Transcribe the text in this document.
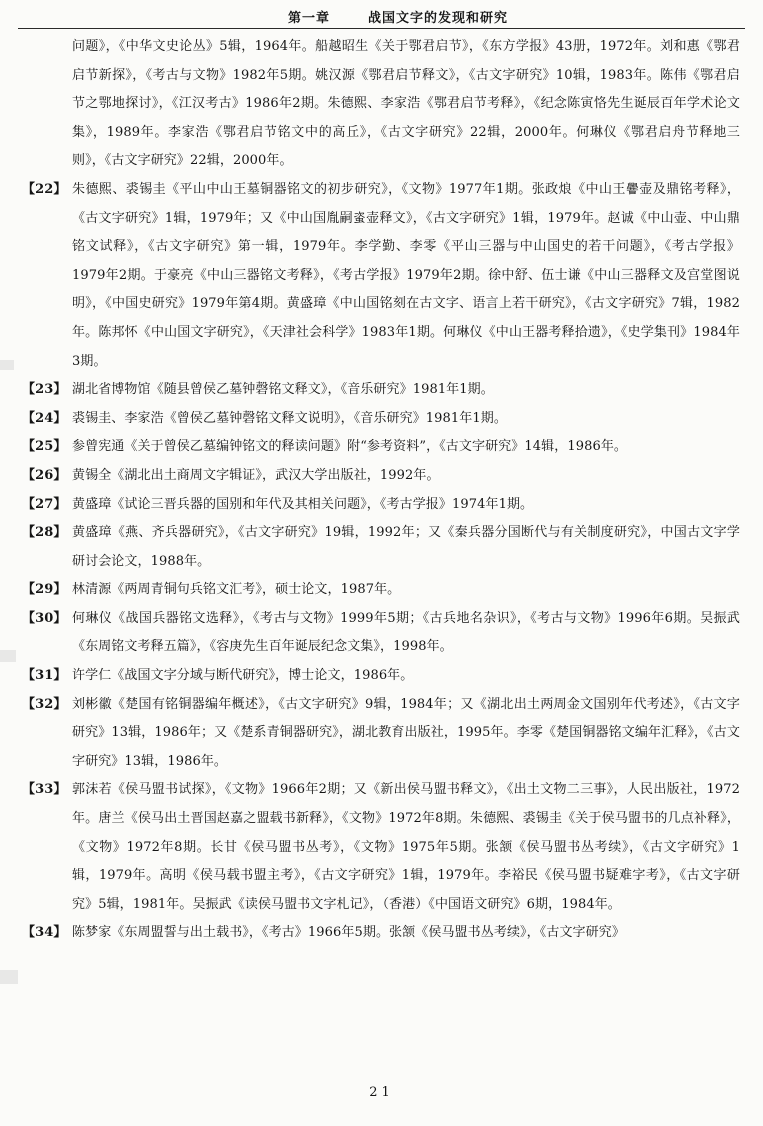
第一章	战国文字的发现和研究
问题》，《中华文史论丛》5辑，1964年。船越昭生《关于鄂君启节》，《东方学报》43册，1972年。刘和惠《鄂君启节新探》，《考古与文物》1982年5期。姚汉源《鄂君启节释文》，《古文字研究》10辑，1983年。陈伟《鄂君启节之鄂地探讨》，《江汉考古》1986年2期。朱德熙、李家浩《鄂君启节考释》，《纪念陈寅恪先生诞辰百年学术论文集》，1989年。李家浩《鄂君启节铭文中的高丘》，《古文字研究》22辑，2000年。何琳仪《鄂君启舟节释地三则》，《古文字研究》22辑，2000年。
【22】 朱德熙、裘锡圭《平山中山王墓铜器铭文的初步研究》，《文物》1977年1期。张政烺《中山王𰯼壶及鼎铭考释》，《古文字研究》1辑，1979年；又《中山国胤嗣𧊒壶释文》，《古文字研究》1辑，1979年。赵诚《中山壶、中山鼎铭文试释》，《古文字研究》第一辑，1979年。李学勤、李零《平山三器与中山国史的若干问题》，《考古学报》1979年2期。于豪亮《中山三器铭文考释》，《考古学报》1979年2期。徐中舒、伍士谦《中山三器释文及宫堂图说明》，《中国史研究》1979年第4期。黄盛璋《中山国铭刻在古文字、语言上若干研究》，《古文字研究》7辑，1982年。陈邦怀《中山国文字研究》，《天津社会科学》1983年1期。何琳仪《中山王器考释拾遗》，《史学集刊》1984年3期。
【23】 湖北省博物馆《随县曾侯乙墓钟磬铭文释文》，《音乐研究》1981年1期。
【24】 裘锡圭、李家浩《曾侯乙墓钟磬铭文释文说明》，《音乐研究》1981年1期。
【25】 参曾宪通《关于曾侯乙墓编钟铭文的释读问题》附“参考资料”，《古文字研究》14辑，1986年。
【26】 黄锡全《湖北出土商周文字辑证》，武汉大学出版社，1992年。
【27】 黄盛璋《试论三晋兵器的国别和年代及其相关问题》，《考古学报》1974年1期。
【28】 黄盛璋《燕、齐兵器研究》，《古文字研究》19辑，1992年；又《秦兵器分国断代与有关制度研究》，中国古文字学研讨会论文，1988年。
【29】 林清源《两周青铜句兵铭文汇考》，硕士论文，1987年。
【30】 何琳仪《战国兵器铭文选释》，《考古与文物》1999年5期；《古兵地名杂识》，《考古与文物》1996年6期。吴振武《东周铭文考释五篇》，《容庚先生百年诞辰纪念文集》，1998年。
【31】 许学仁《战国文字分域与断代研究》，博士论文，1986年。
【32】 刘彬徽《楚国有铭铜器编年概述》，《古文字研究》9辑，1984年；又《湖北出土两周金文国别年代考述》，《古文字研究》13辑，1986年；又《楚系青铜器研究》，湖北教育出版社，1995年。李零《楚国铜器铭文编年汇释》，《古文字研究》13辑，1986年。
【33】 郭沫若《侯马盟书试探》，《文物》1966年2期；又《新出侯马盟书释文》，《出土文物二三事》，人民出版社，1972年。唐兰《侯马出土晋国赵嘉之盟载书新释》，《文物》1972年8期。朱德熙、裘锡圭《关于侯马盟书的几点补释》，《文物》1972年8期。长甘《侯马盟书丛考》，《文物》1975年5期。张颔《侯马盟书丛考续》，《古文字研究》1辑，1979年。高明《侯马载书盟主考》，《古文字研究》1辑，1979年。李裕民《侯马盟书疑难字考》，《古文字研究》5辑，1981年。吴振武《读侯马盟书文字札记》，（香港）《中国语文研究》6期，1984年。
【34】 陈梦家《东周盟誓与出土载书》，《考古》1966年5期。张颔《侯马盟书丛考续》，《古文字研究》
21
